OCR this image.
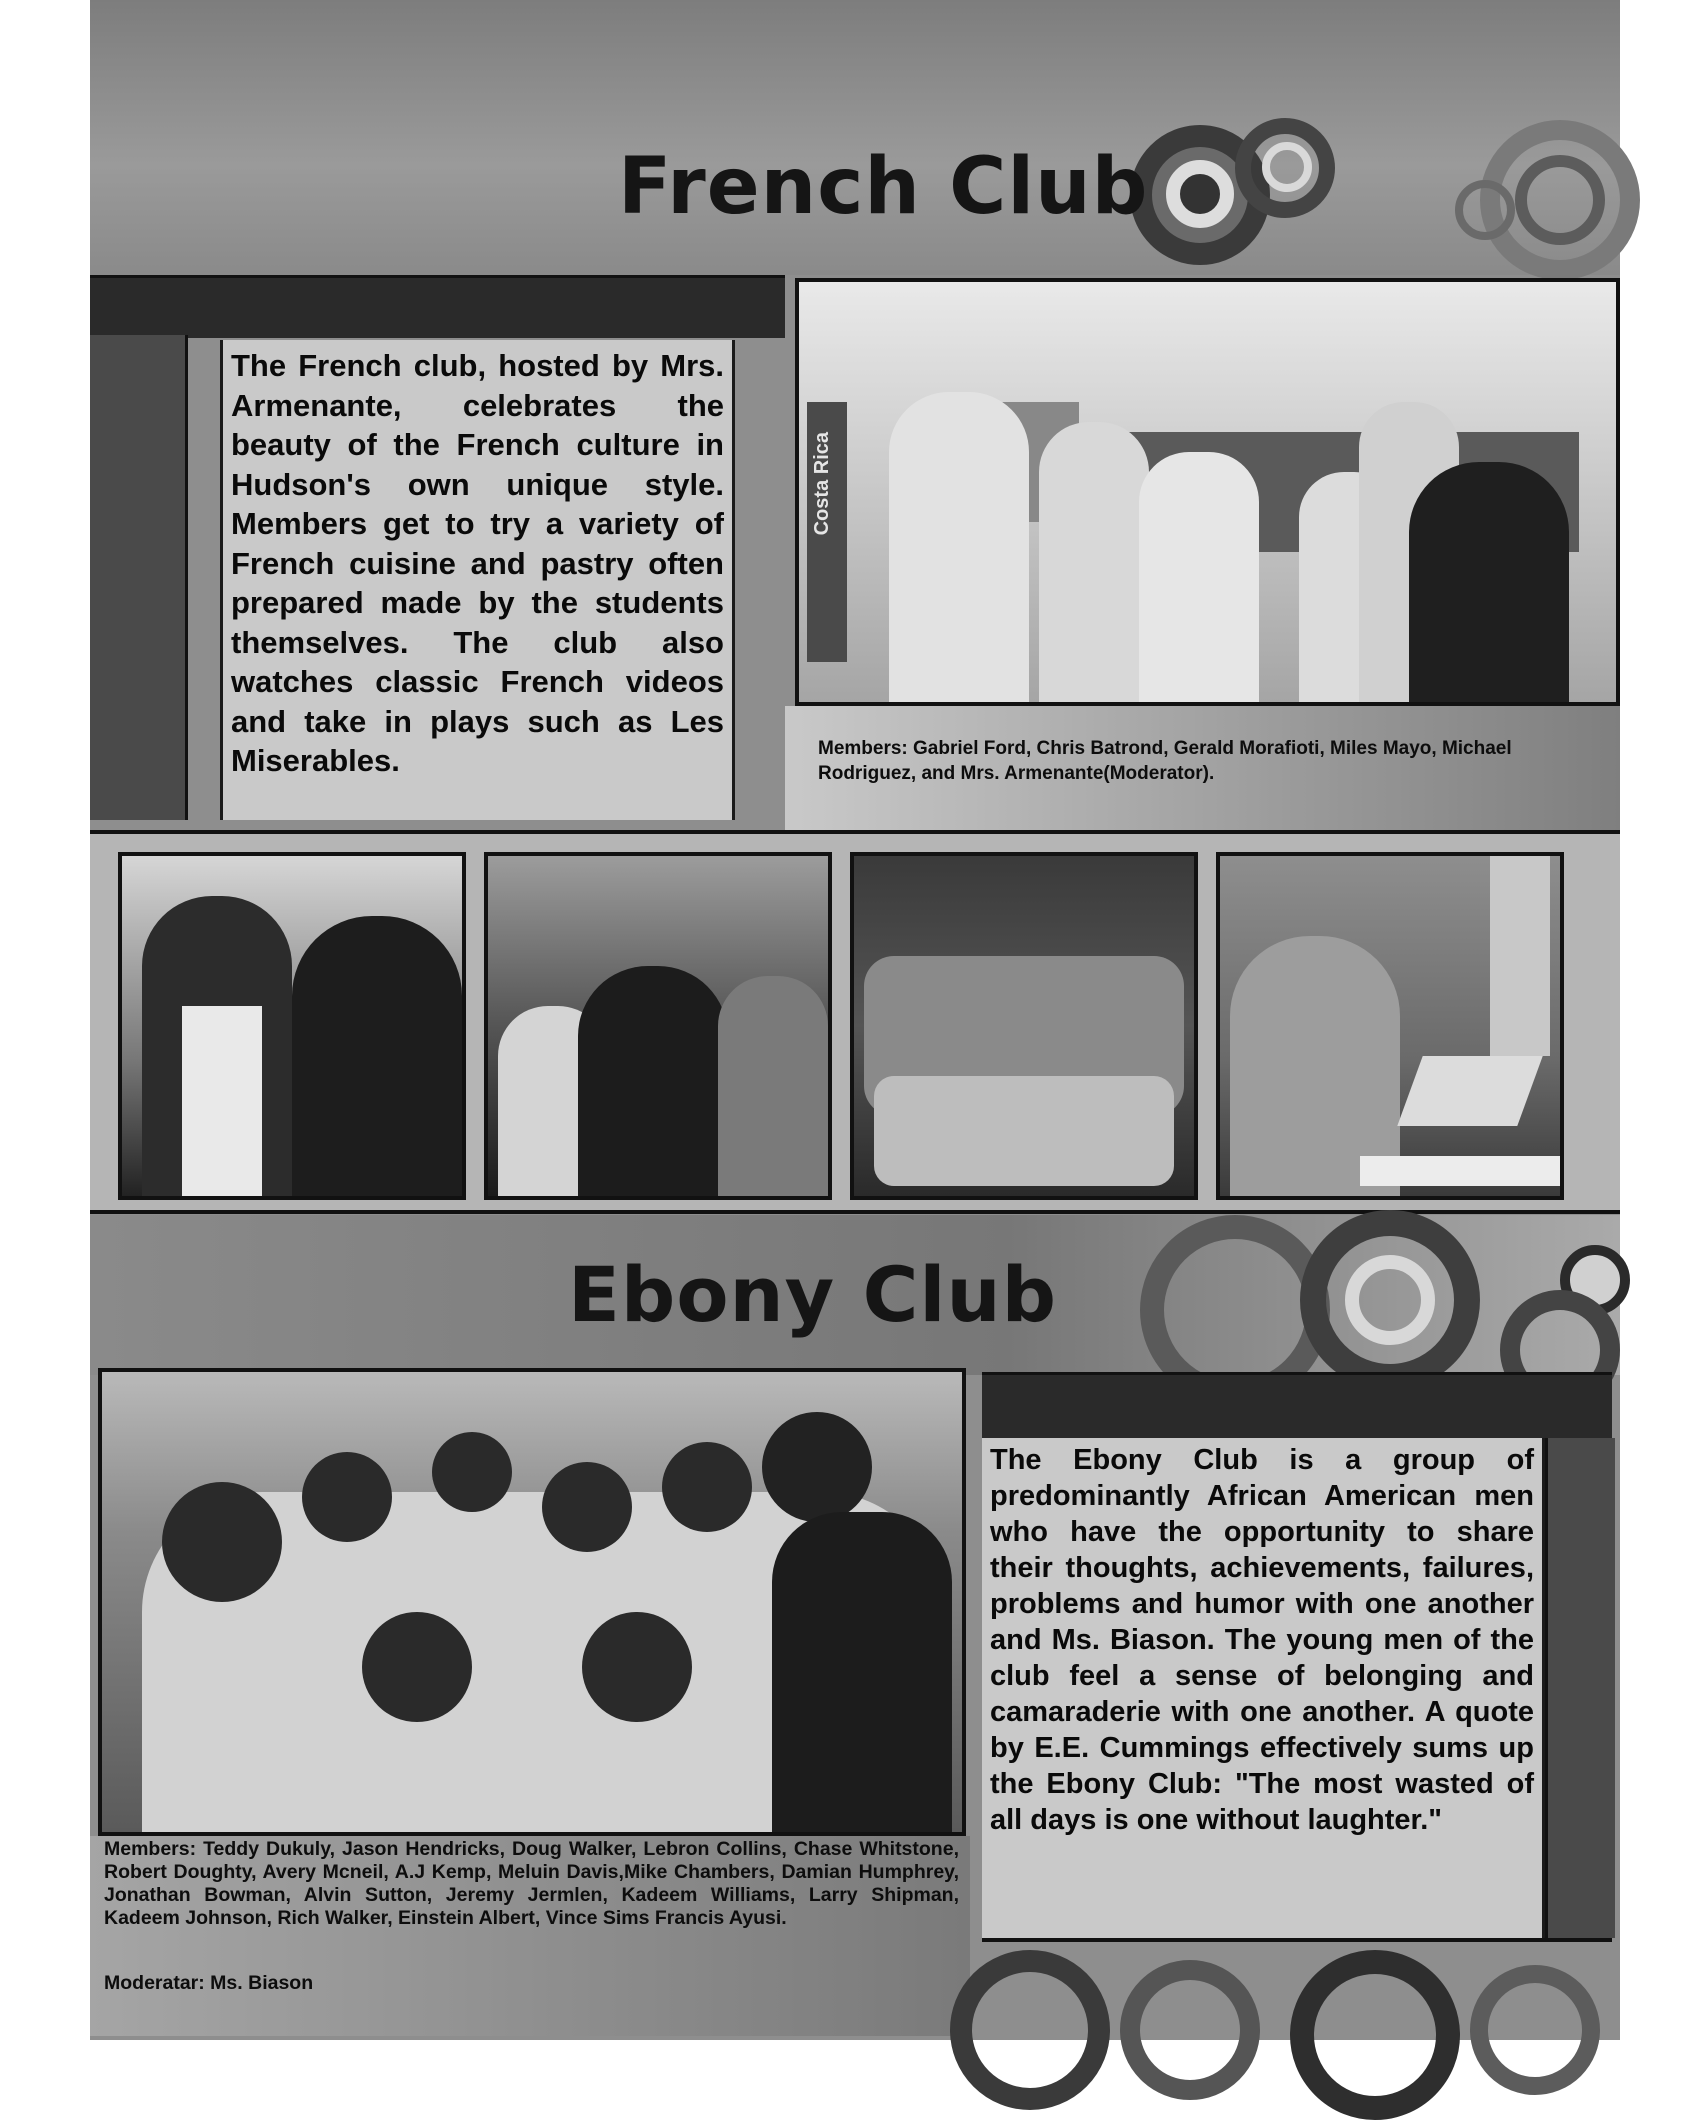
French Club
The French club, hosted by Mrs. Armenante, celebrates the beauty of the French culture in Hudson's own unique style. Members get to try a variety of French cuisine and pastry often prepared made by the students themselves. The club also watches classic French videos and take in plays such as Les Miserables.
Costa Rica
Members: Gabriel Ford, Chris Batrond, Gerald Morafioti, Miles Mayo, Michael Rodriguez, and Mrs. Armenante(Moderator).
Ebony Club
Members: Teddy Dukuly, Jason Hendricks, Doug Walker, Lebron Collins, Chase Whitstone, Robert Doughty, Avery Mcneil, A.J Kemp, Meluin Davis,Mike Chambers, Damian Humphrey, Jonathan Bowman, Alvin Sutton, Jeremy Jermlen, Kadeem Williams, Larry Shipman, Kadeem Johnson, Rich Walker, Einstein Albert, Vince Sims Francis Ayusi.
Moderatar: Ms. Biason
The Ebony Club is a group of predominantly African American men who have the opportunity to share their thoughts, achievements, failures, problems and humor with one another and Ms. Biason. The young men of the club feel a sense of belonging and camaraderie with one another. A quote by E.E. Cummings effectively sums up the Ebony Club: "The most wasted of all days is one without laughter."
